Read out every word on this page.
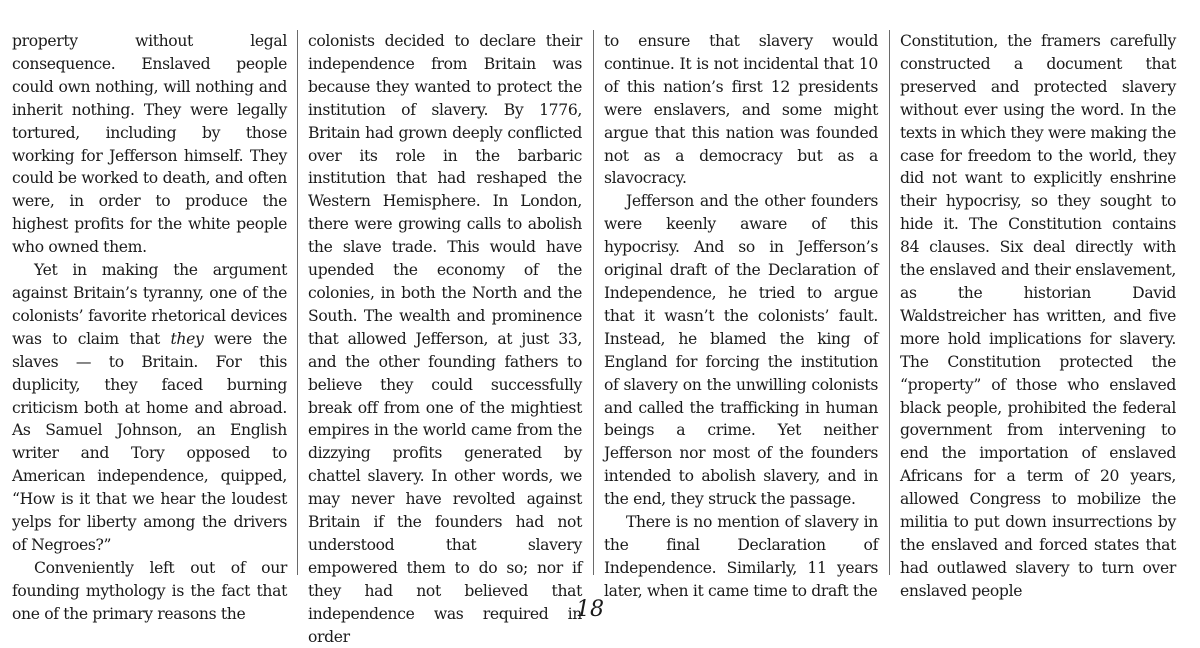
property without legal consequence. Enslaved people could own nothing, will nothing and inherit nothing. They were legally tortured, including by those working for Jefferson himself. They could be worked to death, and often were, in order to produce the highest profits for the white people who owned them.

Yet in making the argument against Britain’s tyranny, one of the colonists’ favorite rhetorical devices was to claim that they were the slaves — to Britain. For this duplicity, they faced burning criticism both at home and abroad. As Samuel Johnson, an English writer and Tory opposed to American independence, quipped, “How is it that we hear the loudest yelps for liberty among the drivers of Negroes?”

Conveniently left out of our founding mythology is the fact that one of the primary reasons the

colonists decided to declare their independence from Britain was because they wanted to protect the institution of slavery. By 1776, Britain had grown deeply conflicted over its role in the barbaric institution that had reshaped the Western Hemisphere. In London, there were growing calls to abolish the slave trade. This would have upended the economy of the colonies, in both the North and the South. The wealth and prominence that allowed Jefferson, at just 33, and the other founding fathers to believe they could successfully break off from one of the mightiest empires in the world came from the dizzying profits generated by chattel slavery. In other words, we may never have revolted against Britain if the founders had not understood that slavery empowered them to do so; nor if they had not believed that independence was required in order

to ensure that slavery would continue. It is not incidental that 10 of this nation’s first 12 presidents were enslavers, and some might argue that this nation was founded not as a democracy but as a slavocracy.

Jefferson and the other founders were keenly aware of this hypocrisy. And so in Jefferson’s original draft of the Declaration of Independence, he tried to argue that it wasn’t the colonists’ fault. Instead, he blamed the king of England for forcing the institution of slavery on the unwilling colonists and called the trafficking in human beings a crime. Yet neither Jefferson nor most of the founders intended to abolish slavery, and in the end, they struck the passage.

There is no mention of slavery in the final Declaration of Independence. Similarly, 11 years later, when it came time to draft the

Constitution, the framers carefully constructed a document that preserved and protected slavery without ever using the word. In the texts in which they were making the case for freedom to the world, they did not want to explicitly enshrine their hypocrisy, so they sought to hide it. The Constitution contains 84 clauses. Six deal directly with the enslaved and their enslavement, as the historian David Waldstreicher has written, and five more hold implications for slavery. The Constitution protected the “property” of those who enslaved black people, prohibited the federal government from intervening to end the importation of enslaved Africans for a term of 20 years, allowed Congress to mobilize the militia to put down insurrections by the enslaved and forced states that had outlawed slavery to turn over enslaved people

18
